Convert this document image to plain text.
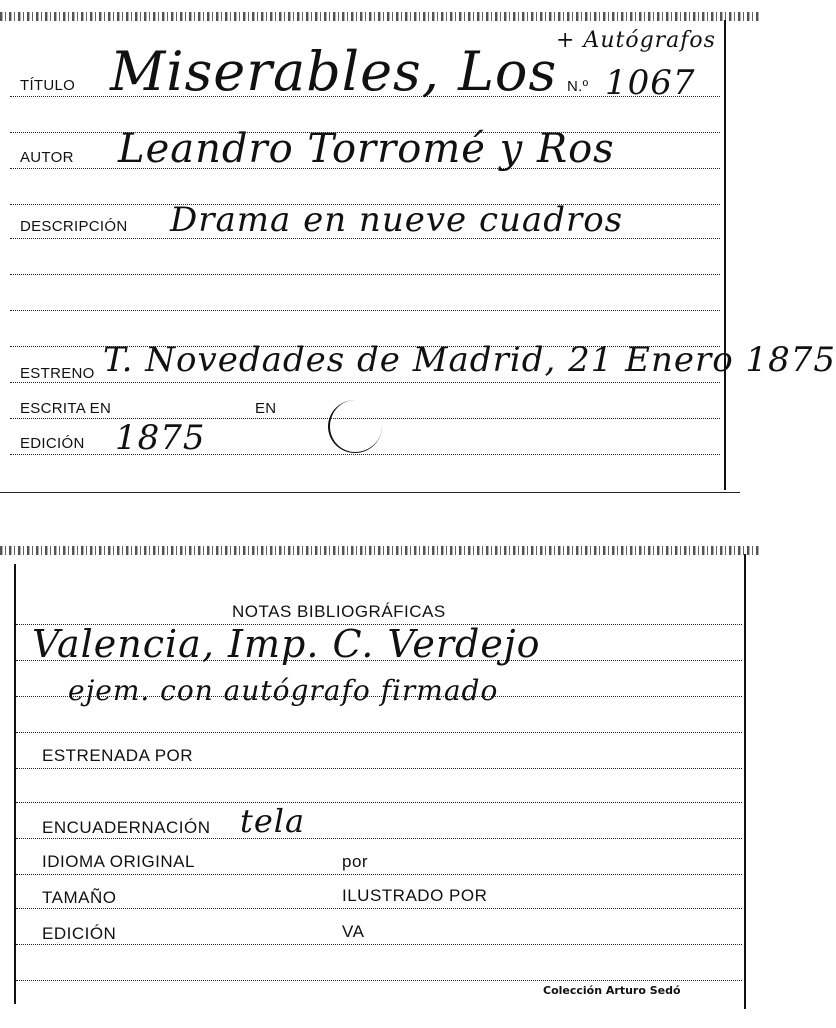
TÍTULO Miserables, Los
+ Autógrafos
N.º 1067
AUTOR Leandro Torromé y Ros
DESCRIPCIÓN Drama en nueve cuadros
ESTRENO T. Novedades de Madrid, 21 Enero 1875
ESCRITA EN	EN
EDICIÓN 1875
NOTAS BIBLIOGRÁFICAS
Valencia, Imp. C. Verdejo
ejem. con autógrafo firmado
ESTRENADA POR
ENCUADERNACIÓN tela
IDIOMA ORIGINAL	por
TAMAÑO	ILUSTRADO POR
EDICIÓN	VA
Colección Arturo Sedó
